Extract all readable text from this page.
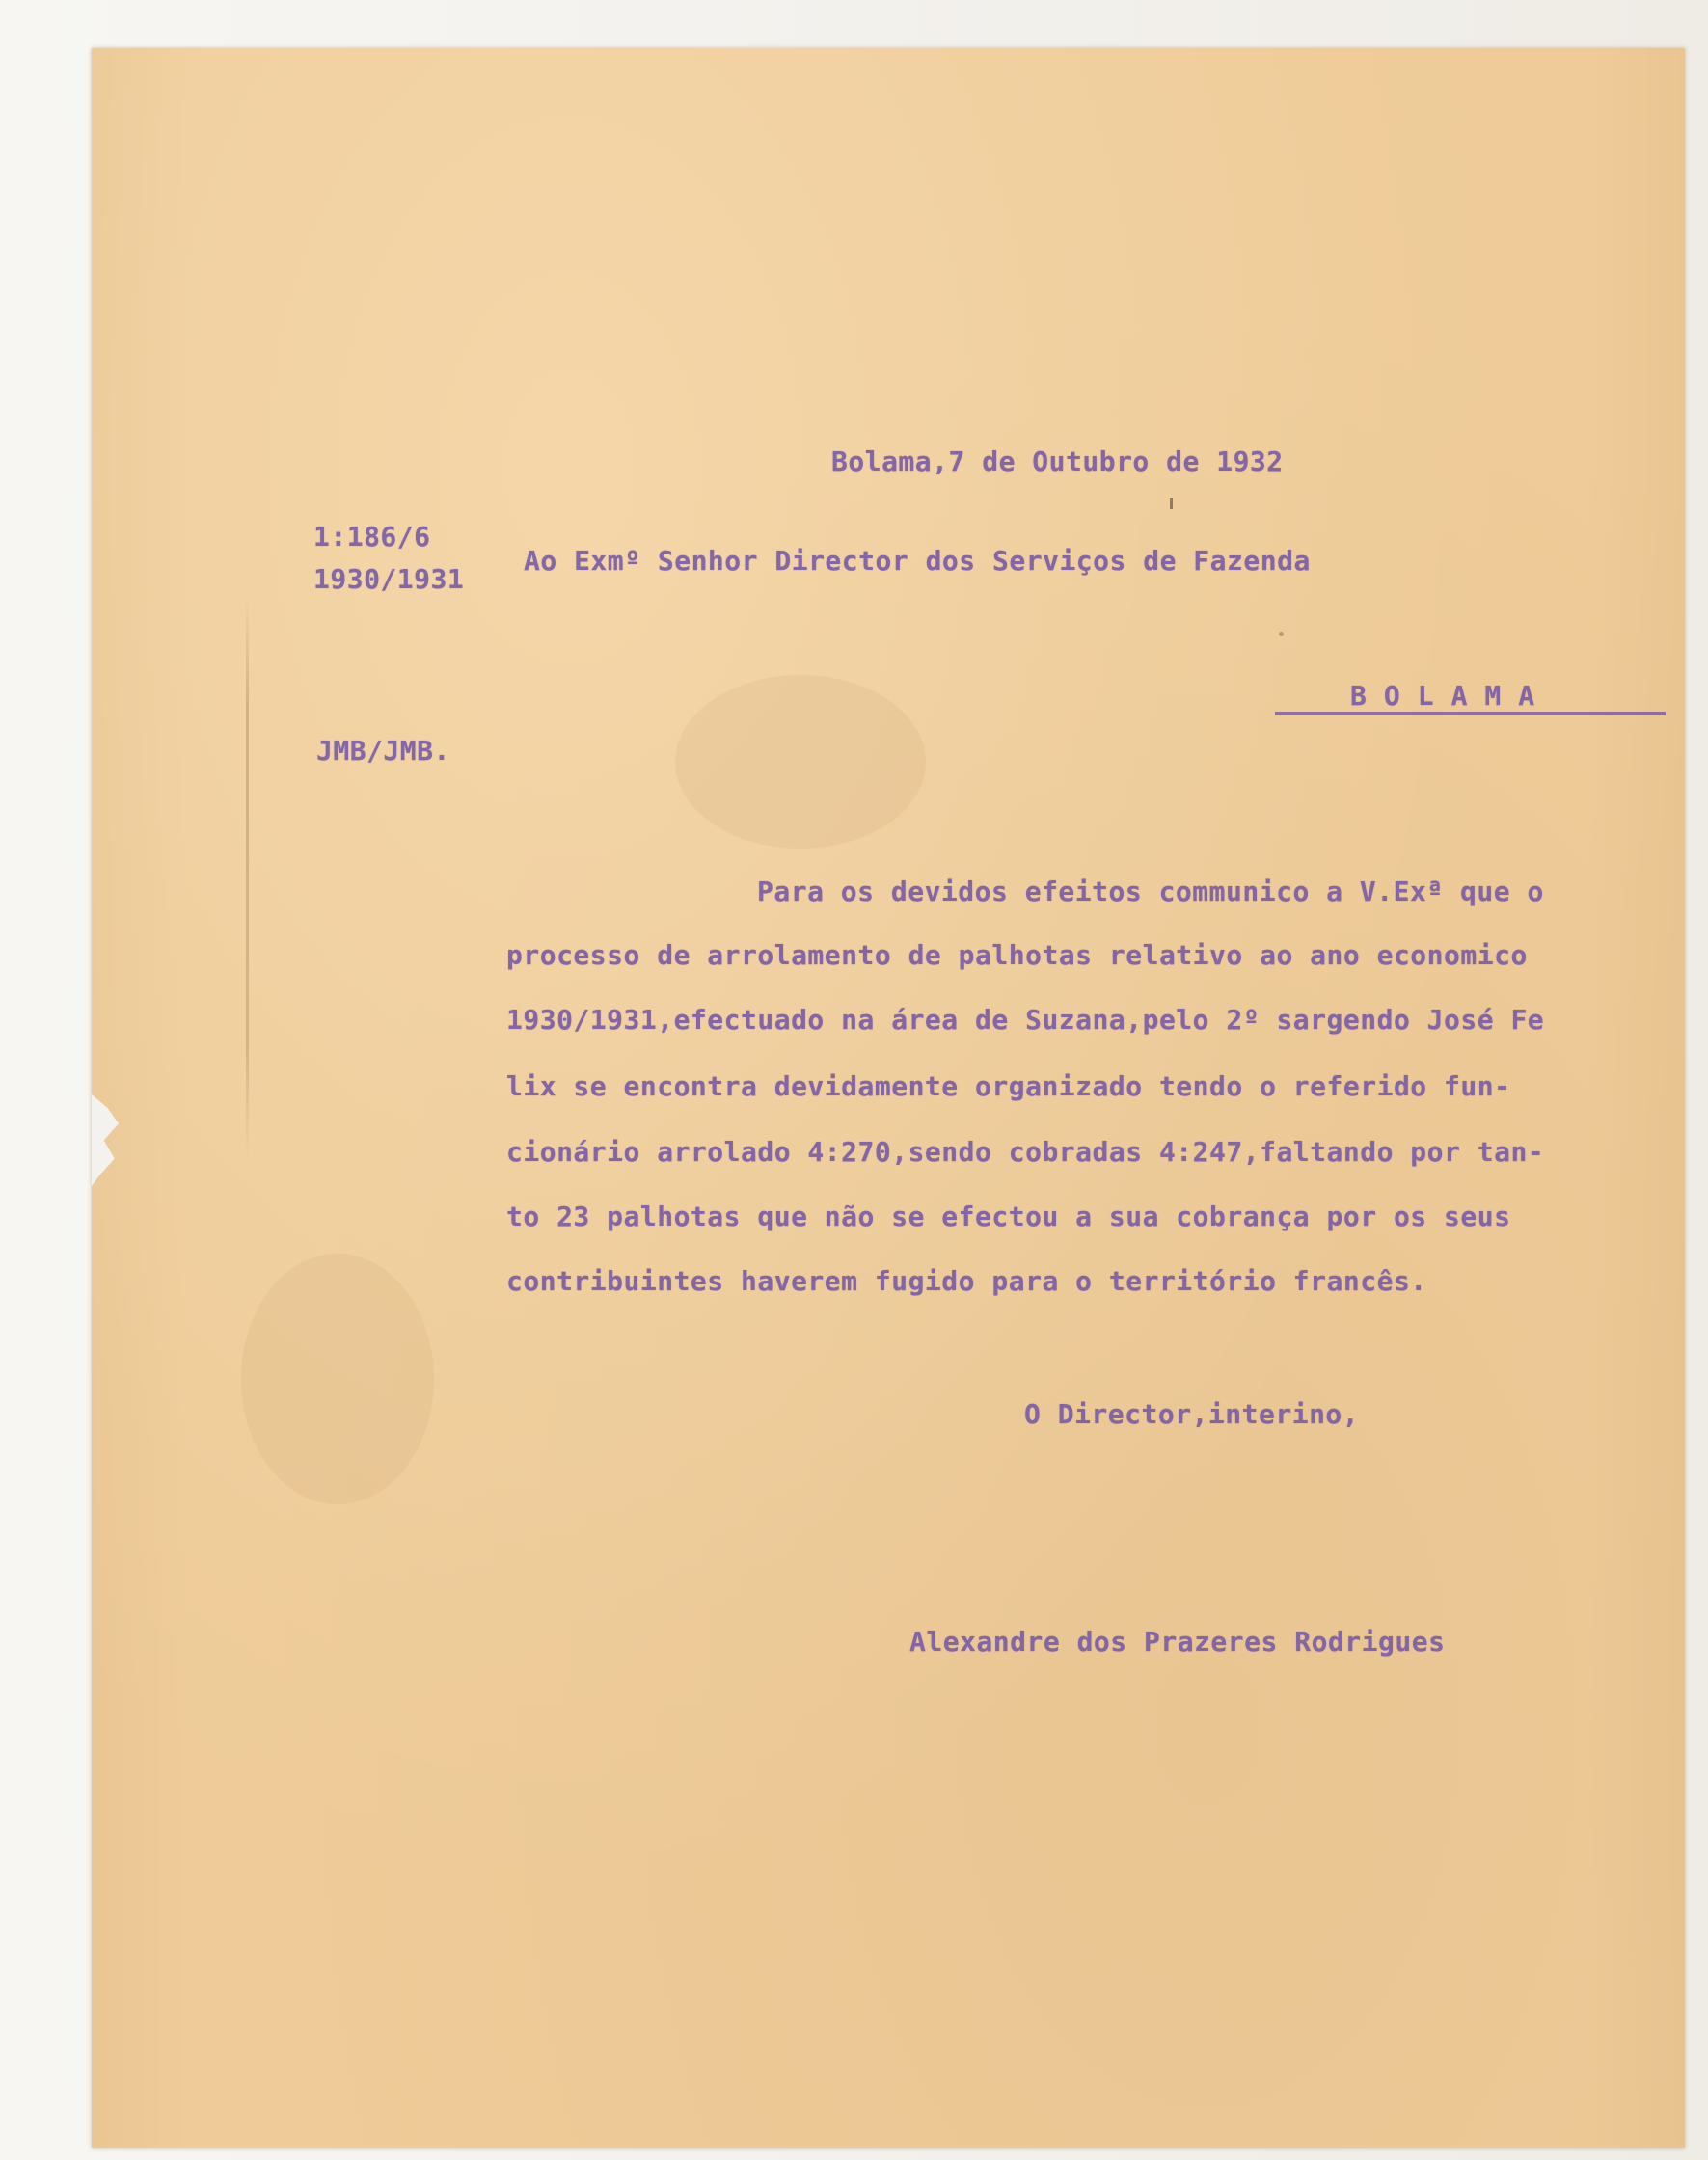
Bolama,7 de Outubro de 1932
1:186/6
1930/1931
Ao Exmº Senhor Director dos Serviços de Fazenda
BOLAMA
JMB/JMB.
Para os devidos efeitos communico a V.Exª que o
processo de arrolamento de palhotas relativo ao ano economico
1930/1931,efectuado na área de Suzana,pelo 2º sargendo José Fe
lix se encontra devidamente organizado tendo o referido fun-
cionário arrolado 4:270,sendo cobradas 4:247,faltando por tan-
to 23 palhotas que não se efectou a sua cobrança por os seus
contribuintes haverem fugido para o território francês.
O Director,interino,
Alexandre dos Prazeres Rodrigues
